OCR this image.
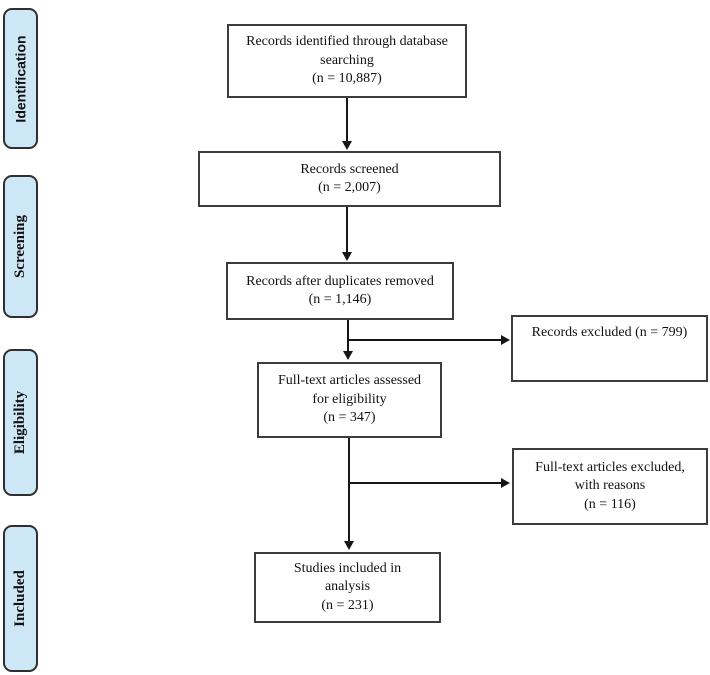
Identification
Screening
Eligibility
Included
Records identified through database
searching
(n = 10,887)
Records screened
(n = 2,007)
Records after duplicates removed
(n = 1,146)
Full-text articles assessed
for eligibility
(n = 347)
Studies included in
analysis
(n = 231)
Records excluded (n = 799)
Full-text articles excluded,
with reasons
(n = 116)
